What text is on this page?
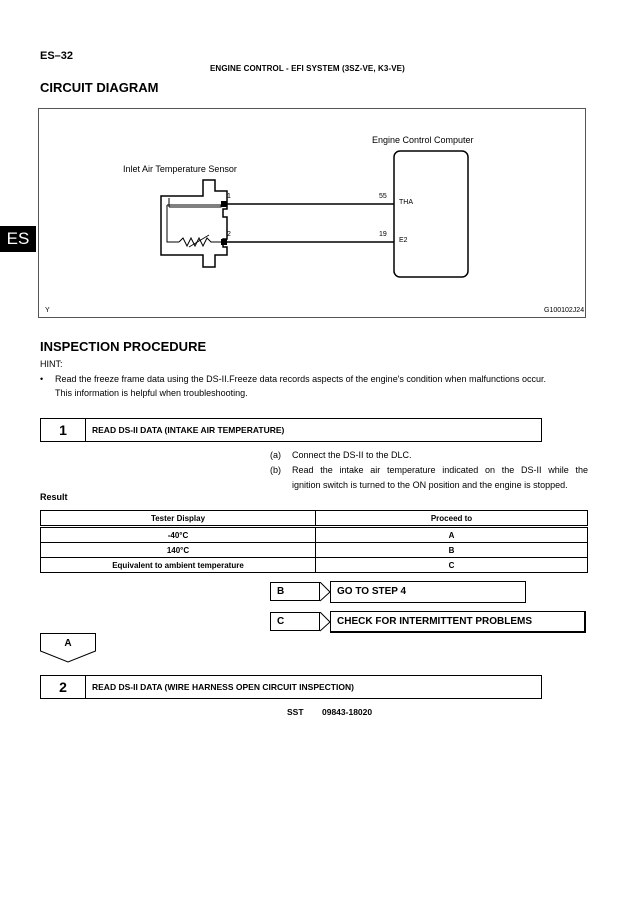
ES–32
ENGINE CONTROL - EFI SYSTEM (3SZ-VE, K3-VE)
CIRCUIT DIAGRAM
ES
Engine Control Computer
Inlet Air Temperature Sensor
1
2
55
19
THA
E2
Y	G100102J24
INSPECTION PROCEDURE
HINT:
• Read the freeze frame data using the DS-II.Freeze data records aspects of the engine's condition when malfunctions occur.
This information is helpful when troubleshooting.
1	READ DS-II DATA (INTAKE AIR TEMPERATURE)
(a) Connect the DS-II to the DLC.
(b) Read the intake air temperature indicated on the DS-II while the
ignition switch is turned to the ON position and the engine is stopped.
Result
Tester Display	Proceed to
-40°C	A
140°C	B
Equivalent to ambient temperature	C
B	GO TO STEP 4
C	CHECK FOR INTERMITTENT PROBLEMS
A
2	READ DS-II DATA (WIRE HARNESS OPEN CIRCUIT INSPECTION)
SST 09843-18020
